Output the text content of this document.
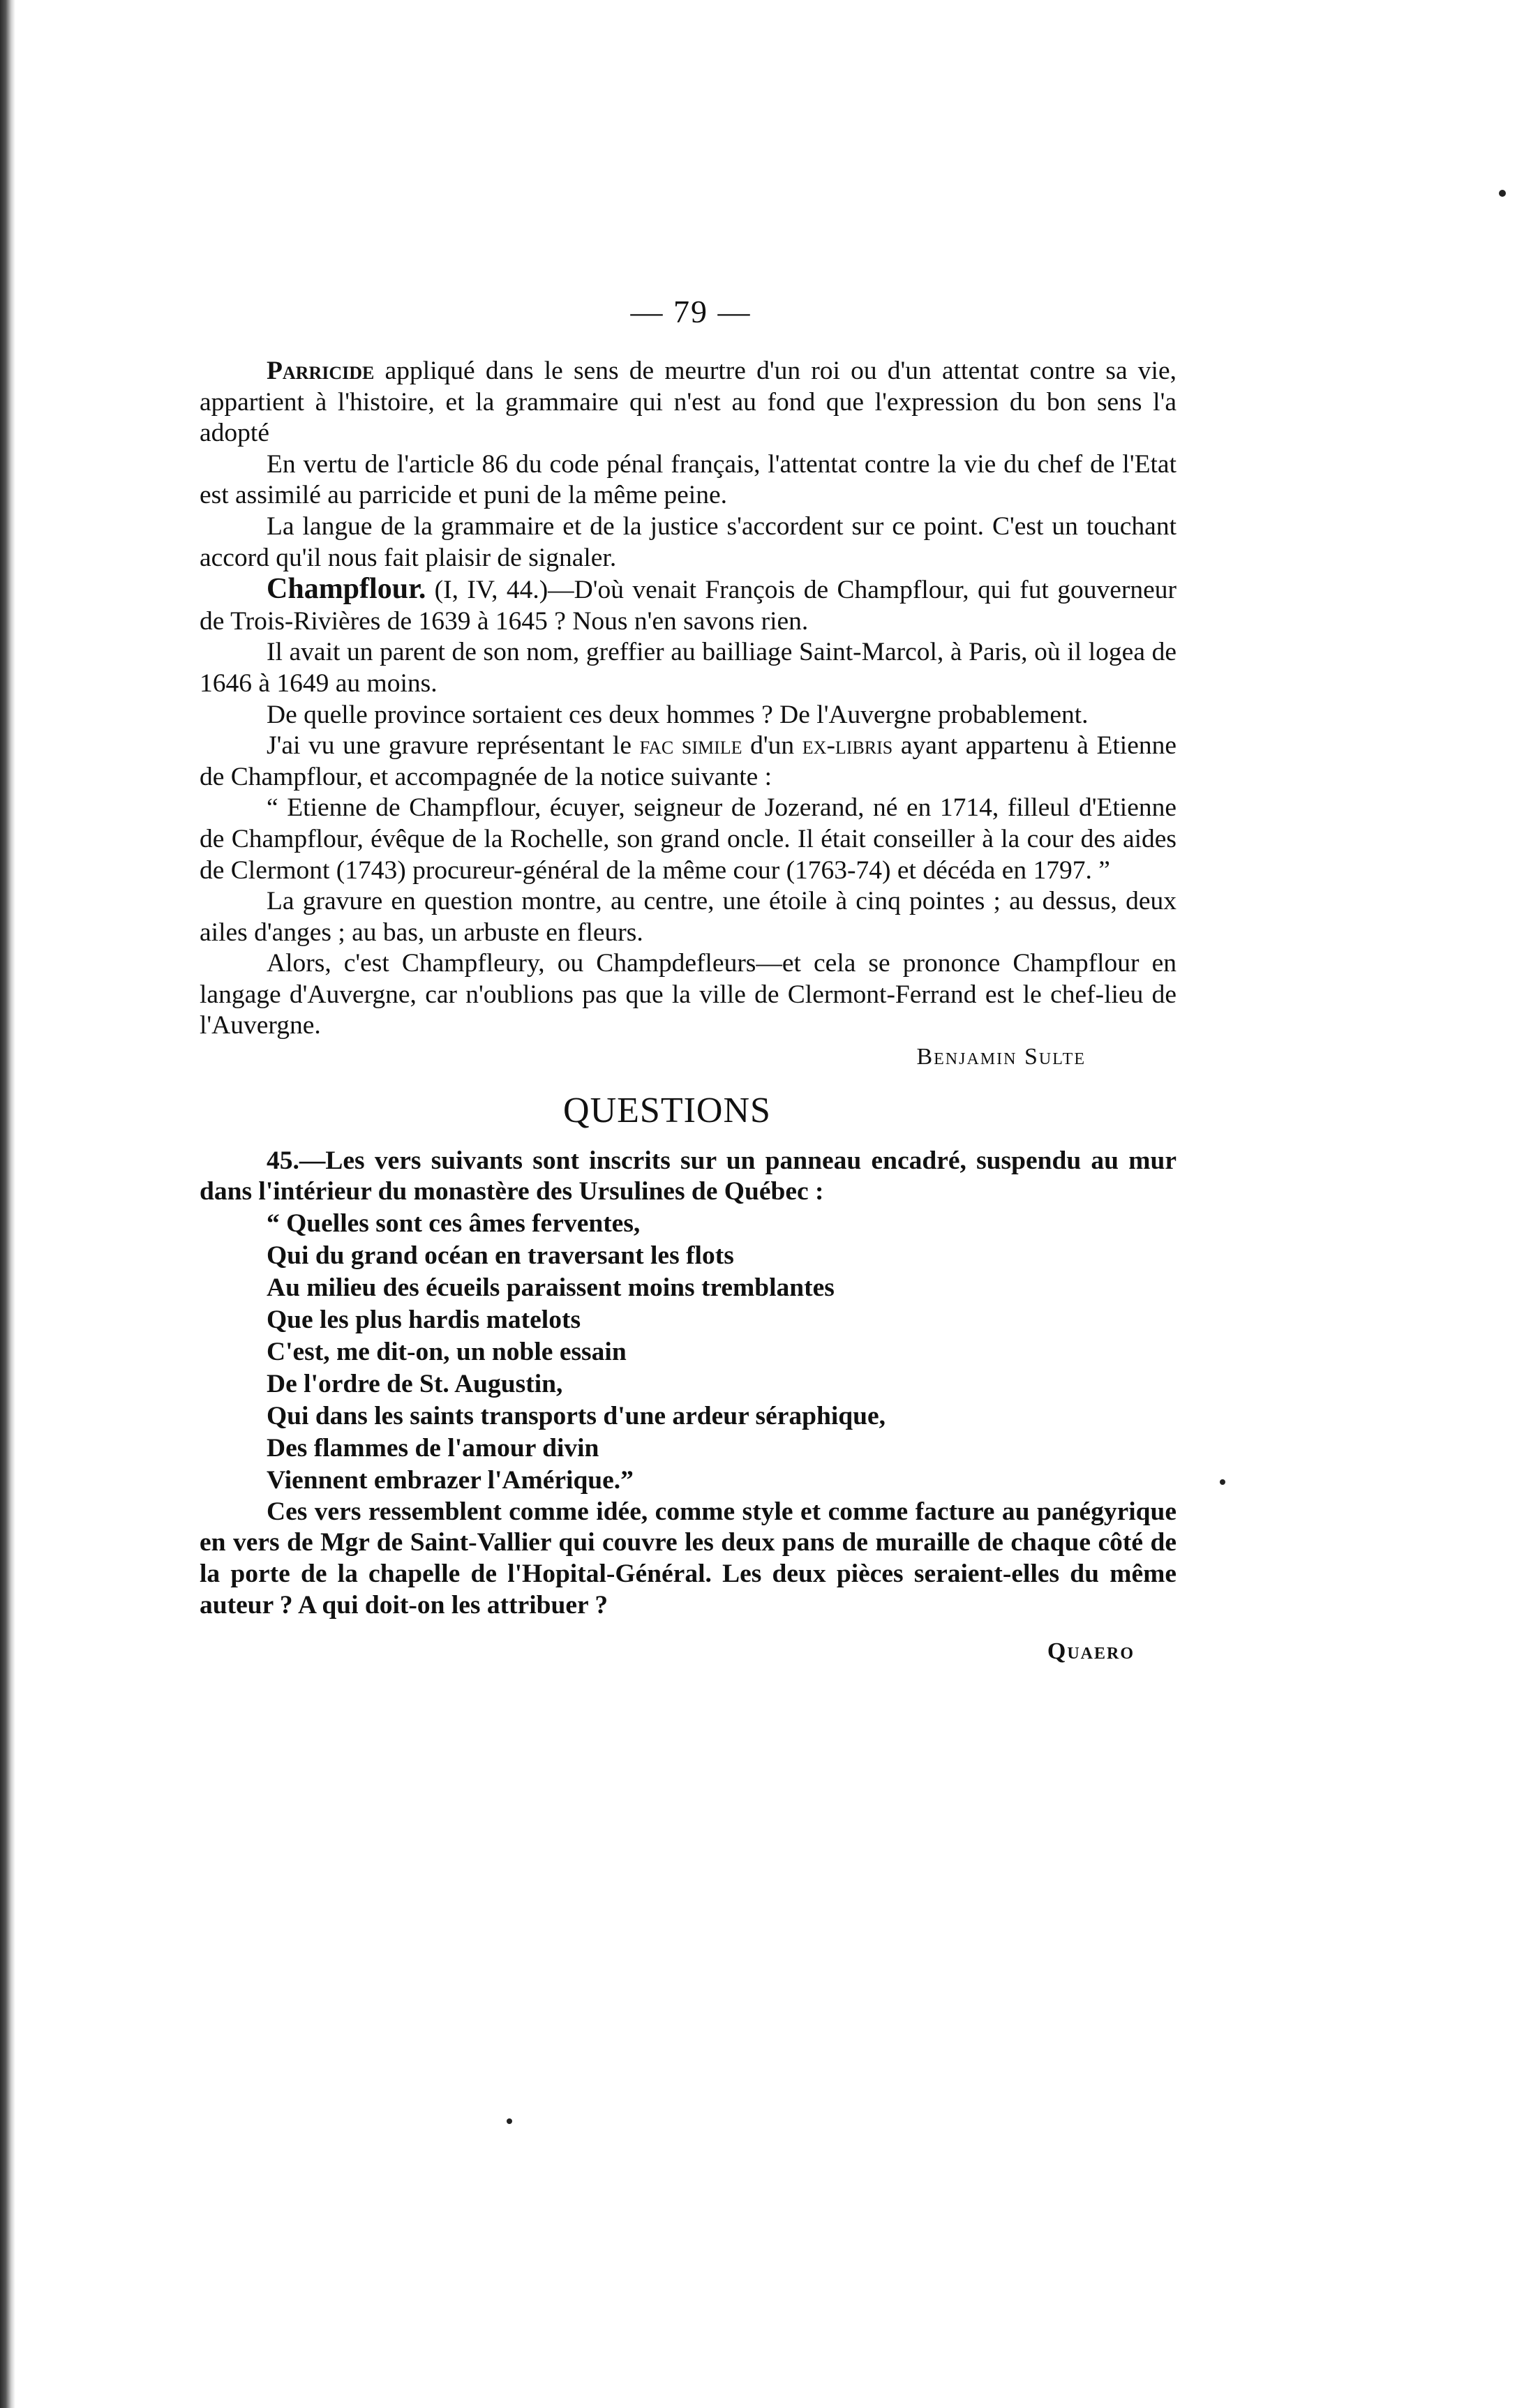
— 79 —

Parricide appliqué dans le sens de meurtre d'un roi ou d'un attentat contre sa vie, appartient à l'histoire, et la grammaire qui n'est au fond que l'expression du bon sens l'a adopté

En vertu de l'article 86 du code pénal français, l'attentat contre la vie du chef de l'Etat est assimilé au parricide et puni de la même peine.

La langue de la grammaire et de la justice s'accordent sur ce point. C'est un touchant accord qu'il nous fait plaisir de signaler.

Champflour. (I, IV, 44.)—D'où venait François de Champflour, qui fut gouverneur de Trois-Rivières de 1639 à 1645 ? Nous n'en savons rien.

Il avait un parent de son nom, greffier au bailliage Saint-Marcol, à Paris, où il logea de 1646 à 1649 au moins.

De quelle province sortaient ces deux hommes ? De l'Auvergne probablement.

J'ai vu une gravure représentant le fac simile d'un ex-libris ayant appartenu à Etienne de Champflour, et accompagnée de la notice suivante :

“ Etienne de Champflour, écuyer, seigneur de Jozerand, né en 1714, filleul d'Etienne de Champflour, évêque de la Rochelle, son grand oncle. Il était conseiller à la cour des aides de Clermont (1743) procureur-général de la même cour (1763-74) et décéda en 1797. ”

La gravure en question montre, au centre, une étoile à cinq pointes ; au dessus, deux ailes d'anges ; au bas, un arbuste en fleurs.

Alors, c'est Champfleury, ou Champdefleurs—et cela se prononce Champflour en langage d'Auvergne, car n'oublions pas que la ville de Clermont-Ferrand est le chef-lieu de l'Auvergne.

Benjamin Sulte

QUESTIONS

45.—Les vers suivants sont inscrits sur un panneau encadré, suspendu au mur dans l'intérieur du monastère des Ursulines de Québec :

“ Quelles sont ces âmes ferventes,
Qui du grand océan en traversant les flots
Au milieu des écueils paraissent moins tremblantes
Que les plus hardis matelots
C'est, me dit-on, un noble essain
De l'ordre de St. Augustin,
Qui dans les saints transports d'une ardeur séraphique,
Des flammes de l'amour divin
Viennent embrazer l'Amérique.”

Ces vers ressemblent comme idée, comme style et comme facture au panégyrique en vers de Mgr de Saint-Vallier qui couvre les deux pans de muraille de chaque côté de la porte de la chapelle de l'Hopital-Général. Les deux pièces seraient-elles du même auteur ? A qui doit-on les attribuer ?

Quaero
